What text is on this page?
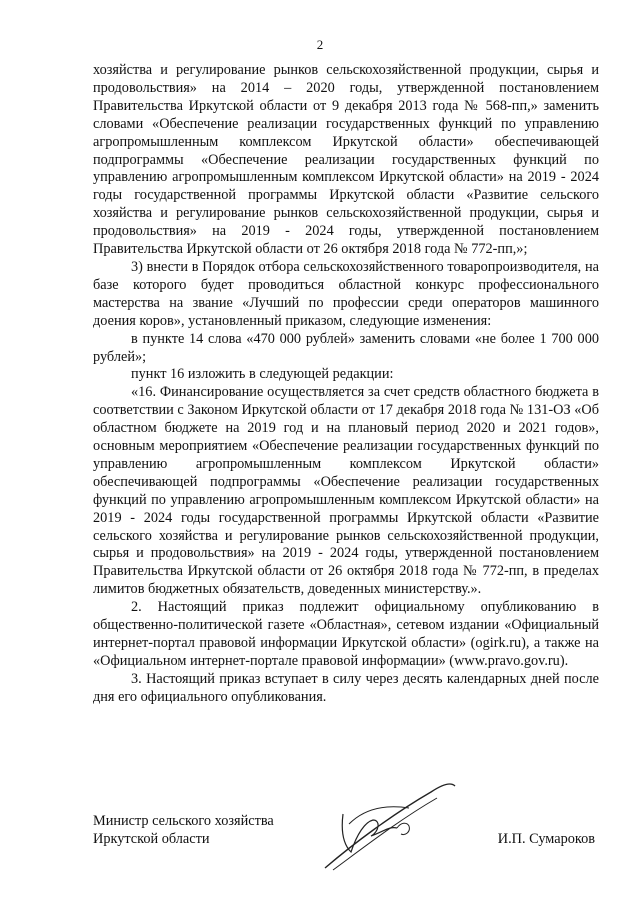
2

хозяйства и регулирование рынков сельскохозяйственной продукции, сырья и продовольствия» на 2014 – 2020 годы, утвержденной постановлением Правительства Иркутской области от 9 декабря 2013 года № 568-пп,» заменить словами «Обеспечение реализации государственных функций по управлению агропромышленным комплексом Иркутской области» обеспечивающей подпрограммы «Обеспечение реализации государственных функций по управлению агропромышленным комплексом Иркутской области» на 2019 - 2024 годы государственной программы Иркутской области «Развитие сельского хозяйства и регулирование рынков сельскохозяйственной продукции, сырья и продовольствия» на 2019 - 2024 годы, утвержденной постановлением Правительства Иркутской области от 26 октября 2018 года № 772-пп,»;

3) внести в Порядок отбора сельскохозяйственного товаропроизводителя, на базе которого будет проводиться областной конкурс профессионального мастерства на звание «Лучший по профессии среди операторов машинного доения коров», установленный приказом, следующие изменения:

в пункте 14 слова «470 000 рублей» заменить словами «не более 1 700 000 рублей»;

пункт 16 изложить в следующей редакции:

«16. Финансирование осуществляется за счет средств областного бюджета в соответствии с Законом Иркутской области от 17 декабря 2018 года № 131-ОЗ «Об областном бюджете на 2019 год и на плановый период 2020 и 2021 годов», основным мероприятием «Обеспечение реализации государственных функций по управлению агропромышленным комплексом Иркутской области» обеспечивающей подпрограммы «Обеспечение реализации государственных функций по управлению агропромышленным комплексом Иркутской области» на 2019 - 2024 годы государственной программы Иркутской области «Развитие сельского хозяйства и регулирование рынков сельскохозяйственной продукции, сырья и продовольствия» на 2019 - 2024 годы, утвержденной постановлением Правительства Иркутской области от 26 октября 2018 года № 772-пп, в пределах лимитов бюджетных обязательств, доведенных министерству.».

2. Настоящий приказ подлежит официальному опубликованию в общественно-политической газете «Областная», сетевом издании «Официальный интернет-портал правовой информации Иркутской области» (ogirk.ru), а также на «Официальном интернет-портале правовой информации» (www.pravo.gov.ru).

3. Настоящий приказ вступает в силу через десять календарных дней после дня его официального опубликования.

Министр сельского хозяйства
Иркутской области	И.П. Сумароков
